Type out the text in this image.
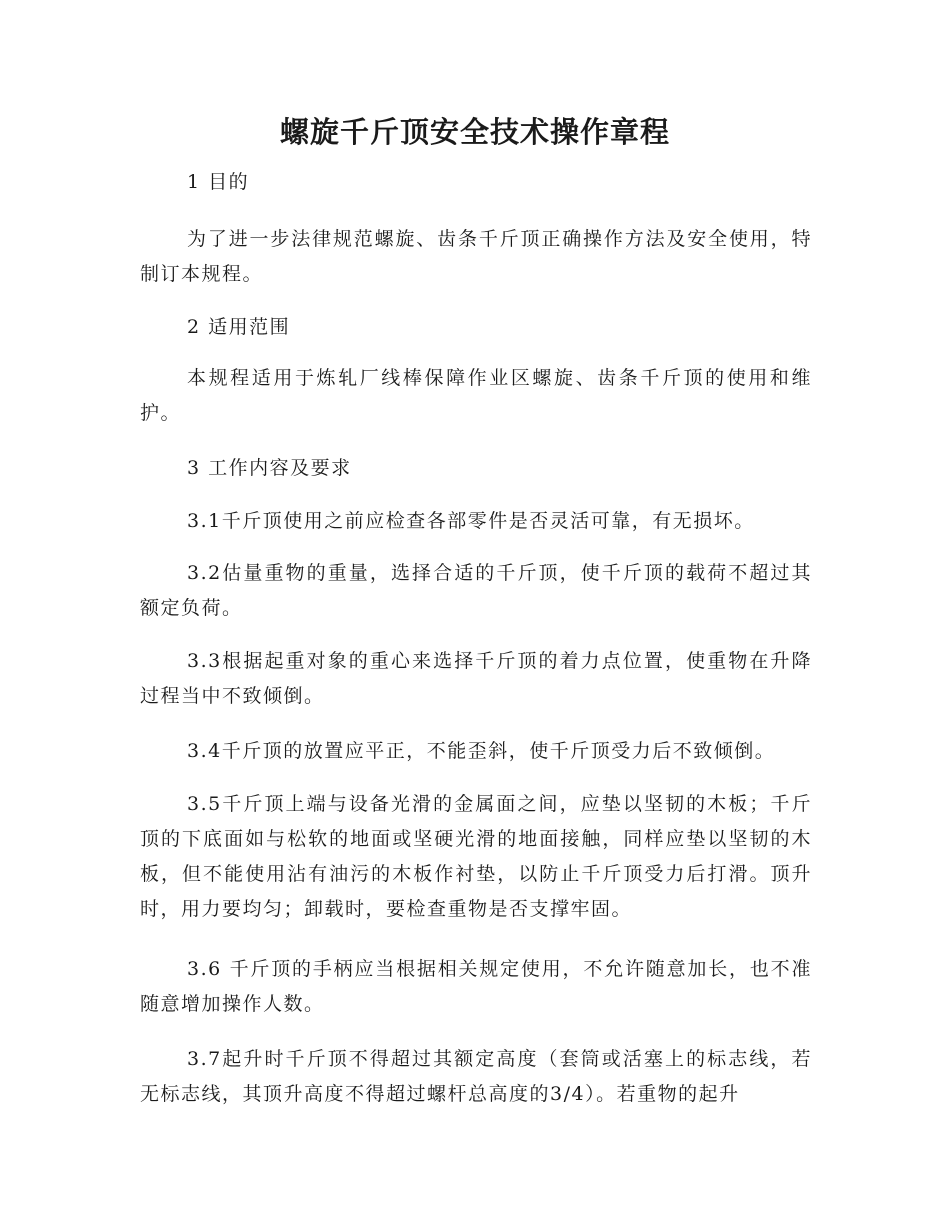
螺旋千斤顶安全技术操作章程

1 目的

为了进一步法律规范螺旋、齿条千斤顶正确操作方法及安全使用，特制订本规程。

2 适用范围

本规程适用于炼轧厂线棒保障作业区螺旋、齿条千斤顶的使用和维护。

3 工作内容及要求

3.1千斤顶使用之前应检查各部零件是否灵活可靠，有无损坏。

3.2估量重物的重量，选择合适的千斤顶，使千斤顶的载荷不超过其额定负荷。

3.3根据起重对象的重心来选择千斤顶的着力点位置，使重物在升降过程当中不致倾倒。

3.4千斤顶的放置应平正，不能歪斜，使千斤顶受力后不致倾倒。

3.5千斤顶上端与设备光滑的金属面之间，应垫以坚韧的木板；千斤顶的下底面如与松软的地面或坚硬光滑的地面接触，同样应垫以坚韧的木板，但不能使用沾有油污的木板作衬垫，以防止千斤顶受力后打滑。顶升时，用力要均匀；卸载时，要检查重物是否支撑牢固。

3.6 千斤顶的手柄应当根据相关规定使用，不允许随意加长，也不准随意增加操作人数。

3.7起升时千斤顶不得超过其额定高度（套筒或活塞上的标志线，若无标志线，其顶升高度不得超过螺杆总高度的3/4）。若重物的起升
